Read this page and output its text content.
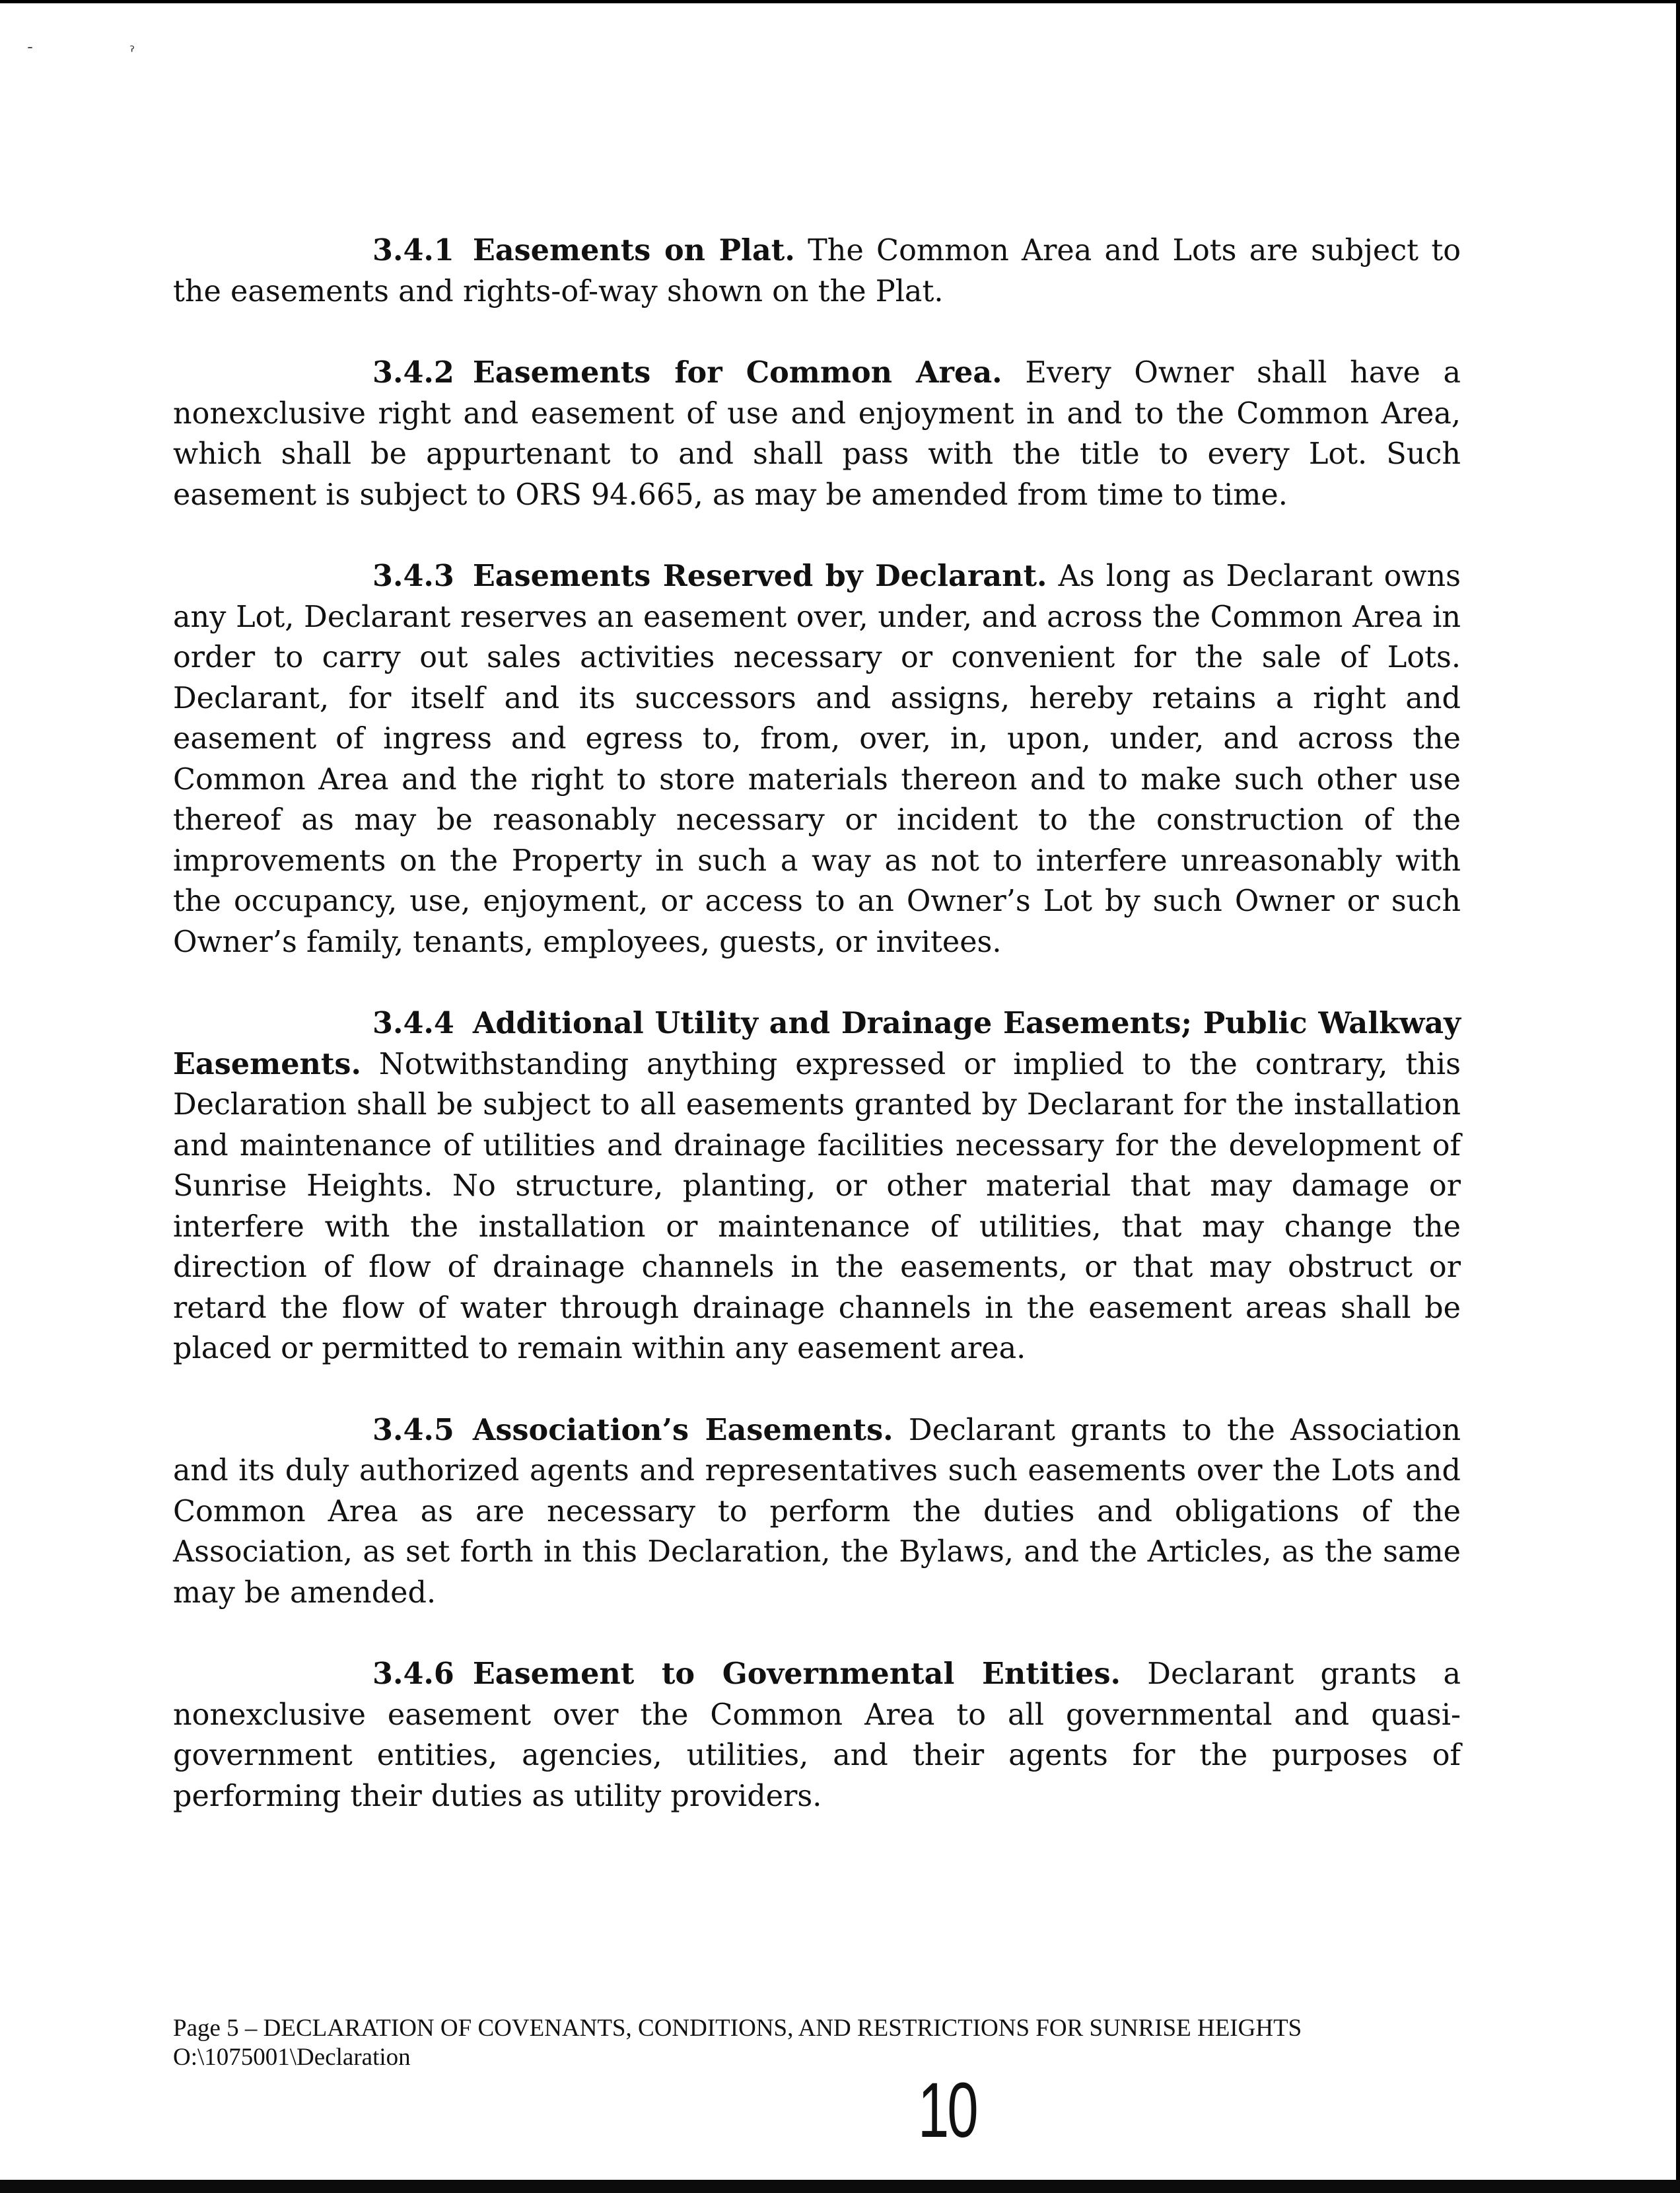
ˉ	ˀ

3.4.1 Easements on Plat. The Common Area and Lots are subject to the easements and rights-of-way shown on the Plat.

3.4.2 Easements for Common Area. Every Owner shall have a nonexclusive right and easement of use and enjoyment in and to the Common Area, which shall be appurtenant to and shall pass with the title to every Lot. Such easement is subject to ORS 94.665, as may be amended from time to time.

3.4.3 Easements Reserved by Declarant. As long as Declarant owns any Lot, Declarant reserves an easement over, under, and across the Common Area in order to carry out sales activities necessary or convenient for the sale of Lots. Declarant, for itself and its successors and assigns, hereby retains a right and easement of ingress and egress to, from, over, in, upon, under, and across the Common Area and the right to store materials thereon and to make such other use thereof as may be reasonably necessary or incident to the construction of the improvements on the Property in such a way as not to interfere unreasonably with the occupancy, use, enjoyment, or access to an Owner’s Lot by such Owner or such Owner’s family, tenants, employees, guests, or invitees.

3.4.4 Additional Utility and Drainage Easements; Public Walkway Easements. Notwithstanding anything expressed or implied to the contrary, this Declaration shall be subject to all easements granted by Declarant for the installation and maintenance of utilities and drainage facilities necessary for the development of Sunrise Heights. No structure, planting, or other material that may damage or interfere with the installation or maintenance of utilities, that may change the direction of flow of drainage channels in the easements, or that may obstruct or retard the flow of water through drainage channels in the easement areas shall be placed or permitted to remain within any easement area.

3.4.5 Association’s Easements. Declarant grants to the Association and its duly authorized agents and representatives such easements over the Lots and Common Area as are necessary to perform the duties and obligations of the Association, as set forth in this Declaration, the Bylaws, and the Articles, as the same may be amended.

3.4.6 Easement to Governmental Entities. Declarant grants a nonexclusive easement over the Common Area to all governmental and quasi-government entities, agencies, utilities, and their agents for the purposes of performing their duties as utility providers.

Page 5 – DECLARATION OF COVENANTS, CONDITIONS, AND RESTRICTIONS FOR SUNRISE HEIGHTS
O:\1075001\Declaration
10
